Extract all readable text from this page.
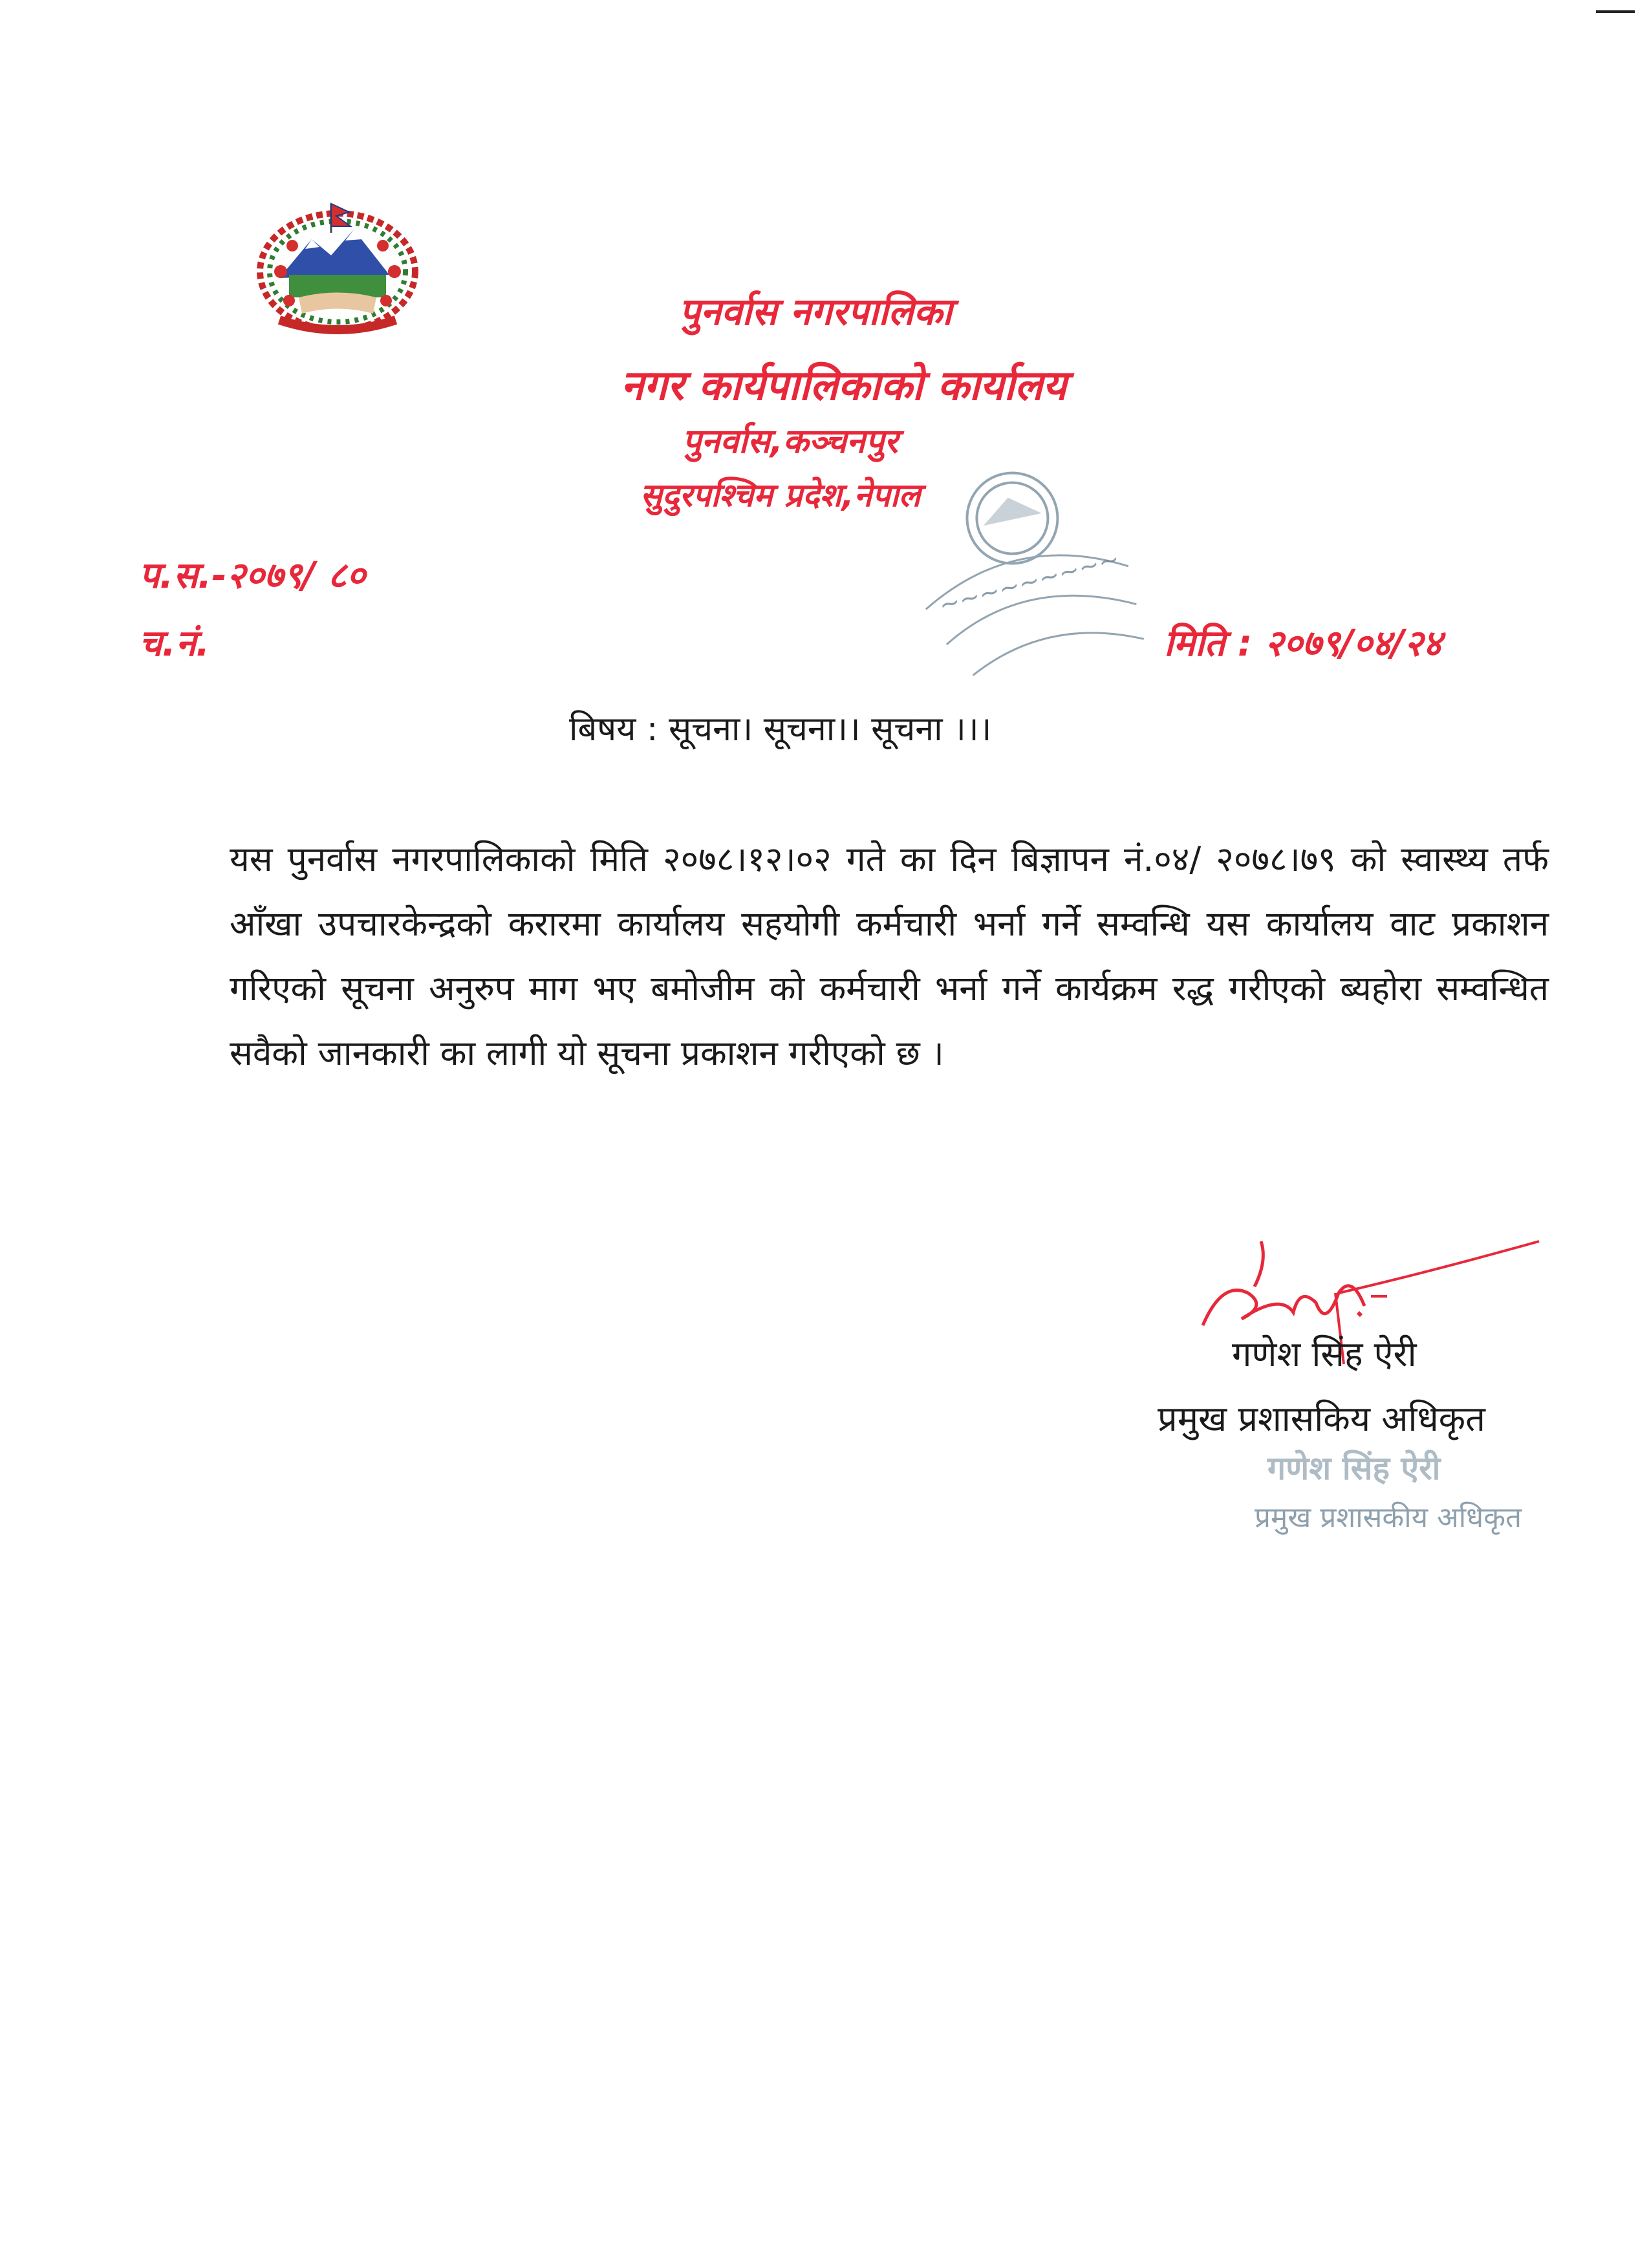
पुनर्वास नगरपालिका
नगर कार्यपालिकाको कार्यालय
पुनर्वास,कञ्चनपुर
सुदुरपश्चिम प्रदेश,नेपाल
~~~~~~~~~
प.स.-२०७९/ ८०
च.नं.	मिति : २०७९/०४/२४
बिषय : सूचना। सूचना।। सूचना ।।।
यस पुनर्वास नगरपालिकाको मिति २०७८।१२।०२ गते का दिन बिज्ञापन नं.०४/ २०७८।७९ को स्वास्थ्य तर्फ आँखा उपचारकेन्द्रको करारमा कार्यालय सहयोगी कर्मचारी भर्ना गर्ने सम्वन्धि यस कार्यालय वाट प्रकाशन गरिएको सूचना अनुरुप माग भए बमोजीम को कर्मचारी भर्ना गर्ने कार्यक्रम रद्ध गरीएको ब्यहोरा सम्वन्धित सवैको जानकारी का लागी यो सूचना प्रकाशन गरीएको छ ।
गणेश सिंह ऐरी
प्रमुख प्रशासकिय अधिकृत
गणेश सिंह ऐरी
प्रमुख प्रशासकीय अधिकृत
